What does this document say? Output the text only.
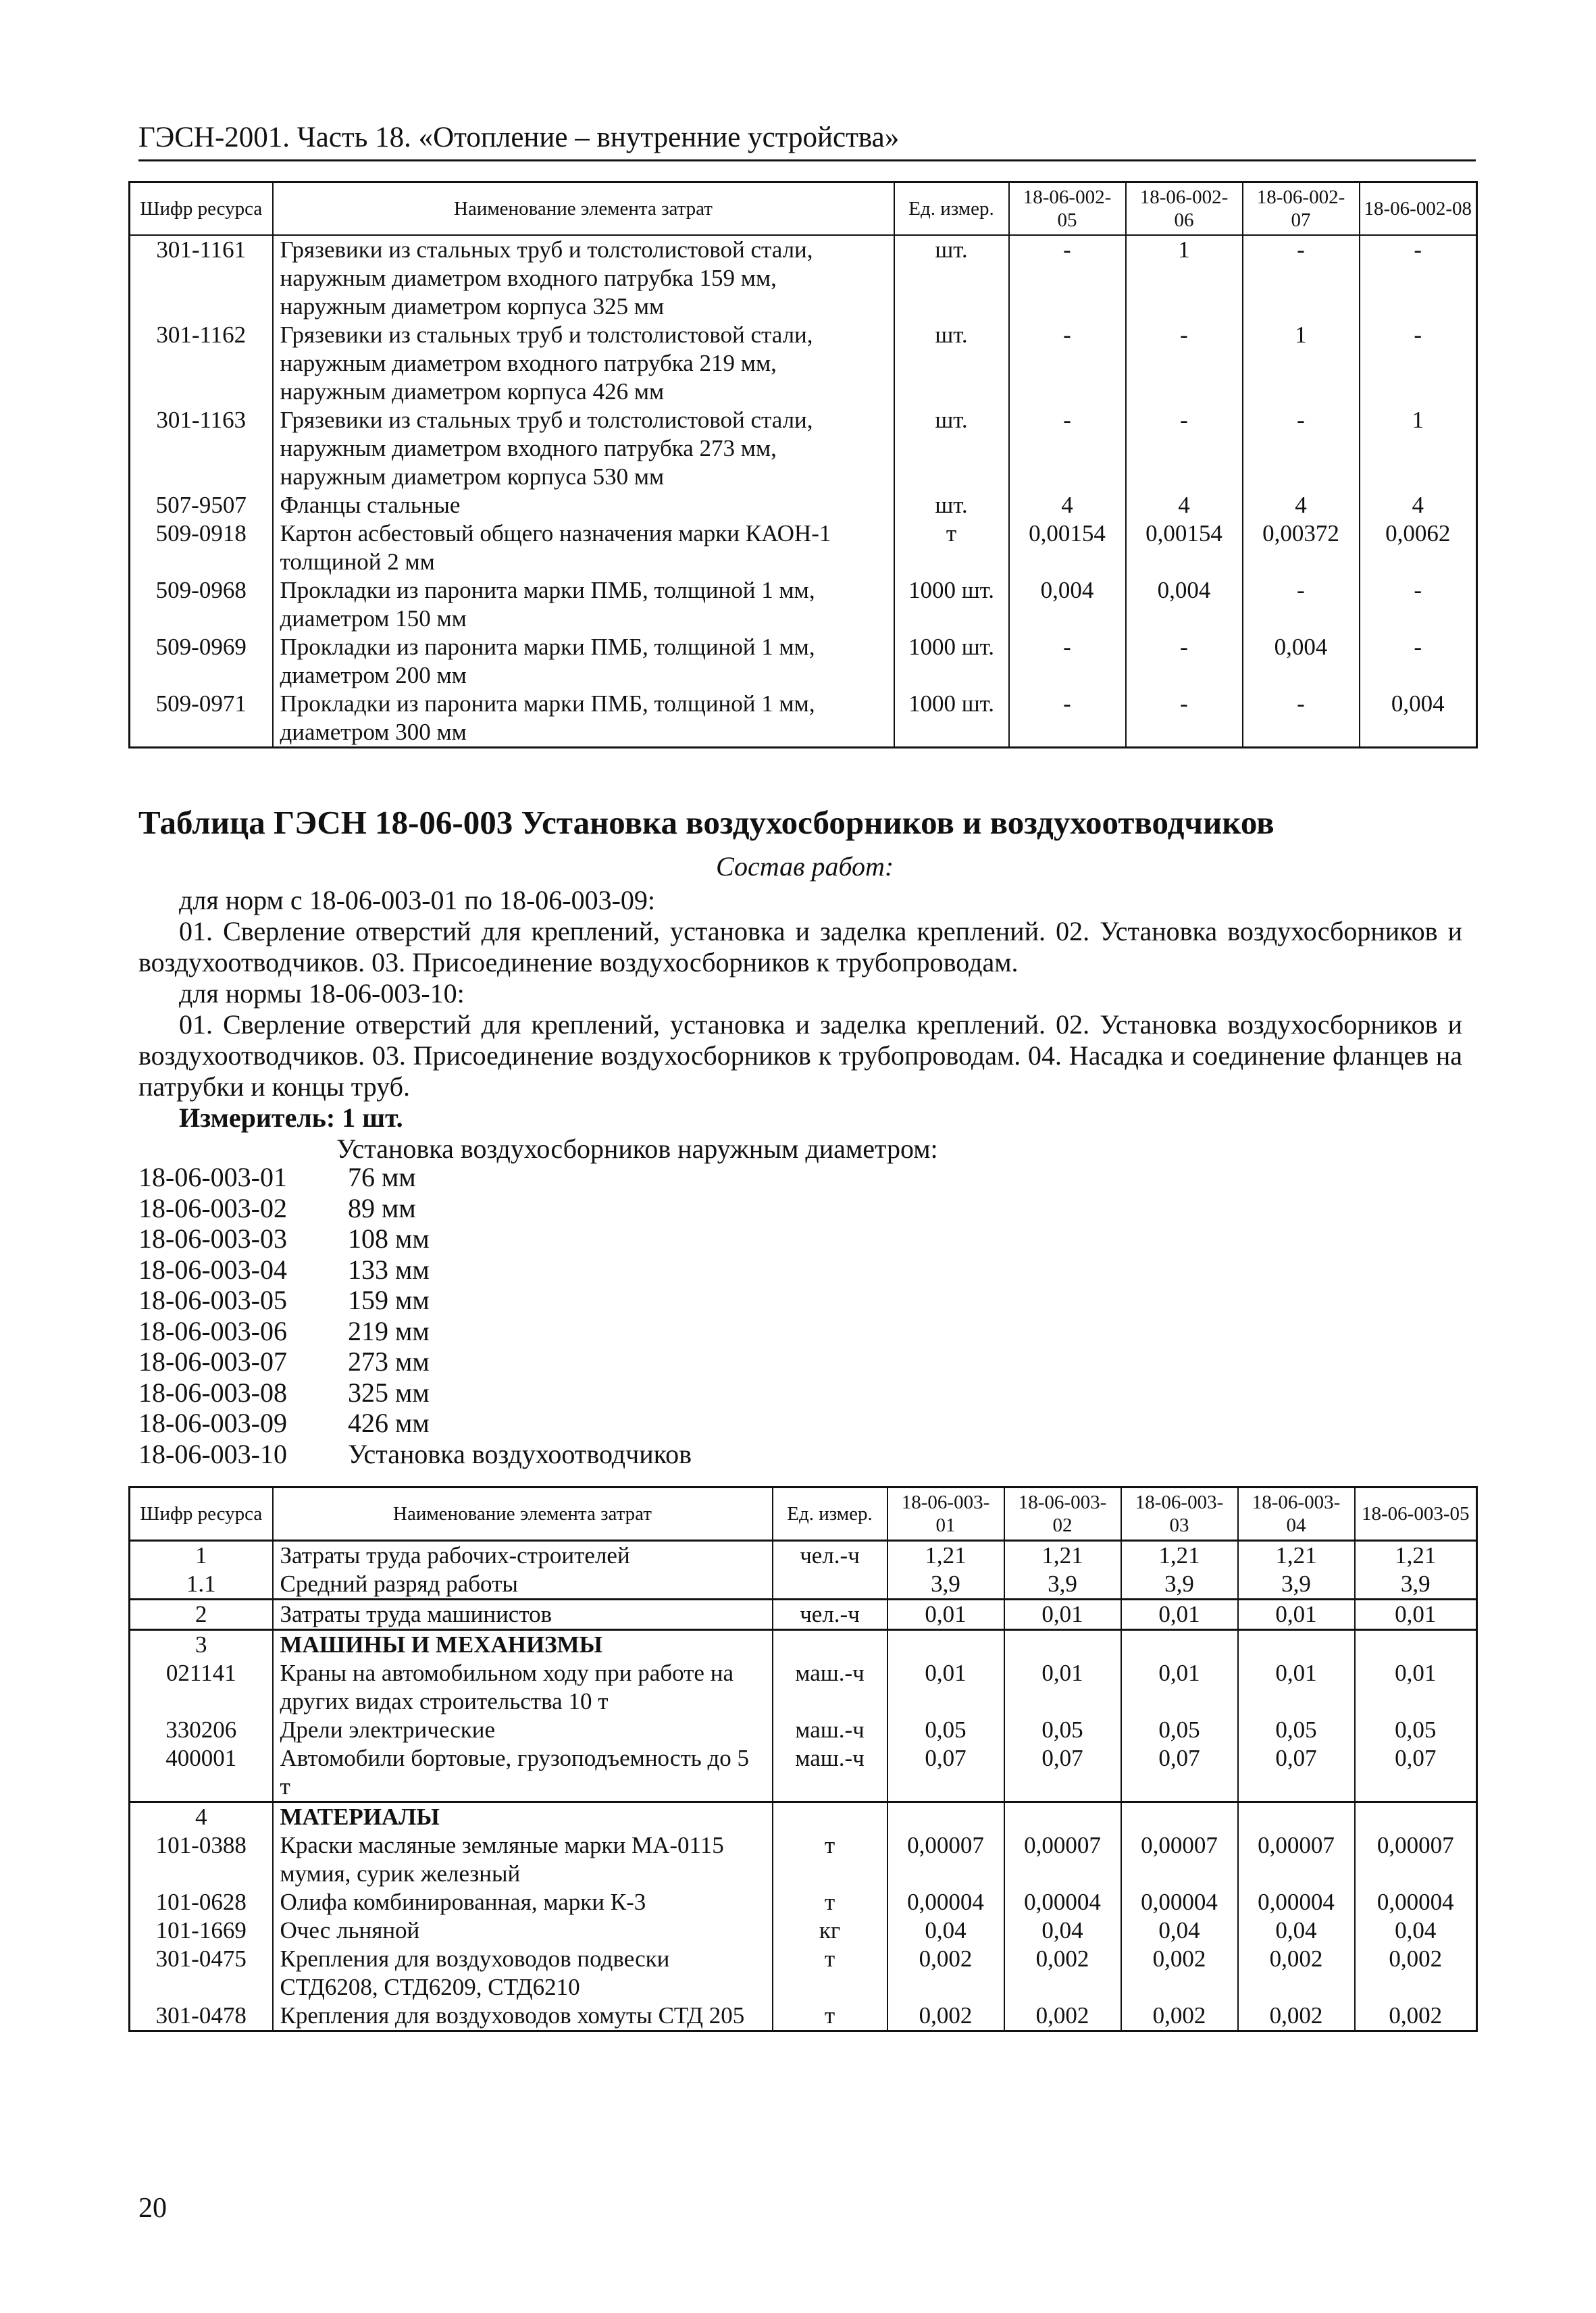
ГЭСН-2001. Часть 18. «Отопление – внутренние устройства»
Шифр ресурса	Наименование элемента затрат	Ед. измер.	18-06-002-05	18-06-002-06	18-06-002-07	18-06-002-08
301-1161	Грязевики из стальных труб и толстолистовой стали, наружным диаметром входного патрубка 159 мм, наружным диаметром корпуса 325 мм	шт.	-	1	-	-
301-1162	Грязевики из стальных труб и толстолистовой стали, наружным диаметром входного патрубка 219 мм, наружным диаметром корпуса 426 мм	шт.	-	-	1	-
301-1163	Грязевики из стальных труб и толстолистовой стали, наружным диаметром входного патрубка 273 мм, наружным диаметром корпуса 530 мм	шт.	-	-	-	1
507-9507	Фланцы стальные	шт.	4	4	4	4
509-0918	Картон асбестовый общего назначения марки КАОН-1 толщиной 2 мм	т	0,00154	0,00154	0,00372	0,0062
509-0968	Прокладки из паронита марки ПМБ, толщиной 1 мм, диаметром 150 мм	1000 шт.	0,004	0,004	-	-
509-0969	Прокладки из паронита марки ПМБ, толщиной 1 мм, диаметром 200 мм	1000 шт.	-	-	0,004	-
509-0971	Прокладки из паронита марки ПМБ, толщиной 1 мм, диаметром 300 мм	1000 шт.	-	-	-	0,004
Таблица ГЭСН 18-06-003 Установка воздухосборников и воздухоотводчиков
Состав работ:
для норм с 18-06-003-01 по 18-06-003-09:
01. Сверление отверстий для креплений, установка и заделка креплений. 02. Установка воздухосборников и воздухоотводчиков. 03. Присоединение воздухосборников к трубопроводам.
для нормы 18-06-003-10:
01. Сверление отверстий для креплений, установка и заделка креплений. 02. Установка воздухосборников и воздухоотводчиков. 03. Присоединение воздухосборников к трубопроводам. 04. Насадка и соединение фланцев на патрубки и концы труб.
Измеритель: 1 шт.
Установка воздухосборников наружным диаметром:
18-06-003-01	76 мм
18-06-003-02	89 мм
18-06-003-03	108 мм
18-06-003-04	133 мм
18-06-003-05	159 мм
18-06-003-06	219 мм
18-06-003-07	273 мм
18-06-003-08	325 мм
18-06-003-09	426 мм
18-06-003-10	Установка воздухоотводчиков
Шифр ресурса	Наименование элемента затрат	Ед. измер.	18-06-003-01	18-06-003-02	18-06-003-03	18-06-003-04	18-06-003-05
1	Затраты труда рабочих-строителей	чел.-ч	1,21	1,21	1,21	1,21	1,21
1.1	Средний разряд работы		3,9	3,9	3,9	3,9	3,9
2	Затраты труда машинистов	чел.-ч	0,01	0,01	0,01	0,01	0,01
3	МАШИНЫ И МЕХАНИЗМЫ						
021141	Краны на автомобильном ходу при работе на других видах строительства 10 т	маш.-ч	0,01	0,01	0,01	0,01	0,01
330206	Дрели электрические	маш.-ч	0,05	0,05	0,05	0,05	0,05
400001	Автомобили бортовые, грузоподъемность до 5 т	маш.-ч	0,07	0,07	0,07	0,07	0,07
4	МАТЕРИАЛЫ						
101-0388	Краски масляные земляные марки МА-0115 мумия, сурик железный	т	0,00007	0,00007	0,00007	0,00007	0,00007
101-0628	Олифа комбинированная, марки К-3	т	0,00004	0,00004	0,00004	0,00004	0,00004
101-1669	Очес льняной	кг	0,04	0,04	0,04	0,04	0,04
301-0475	Крепления для воздуховодов подвески СТД6208, СТД6209, СТД6210	т	0,002	0,002	0,002	0,002	0,002
301-0478	Крепления для воздуховодов хомуты СТД 205	т	0,002	0,002	0,002	0,002	0,002
20
